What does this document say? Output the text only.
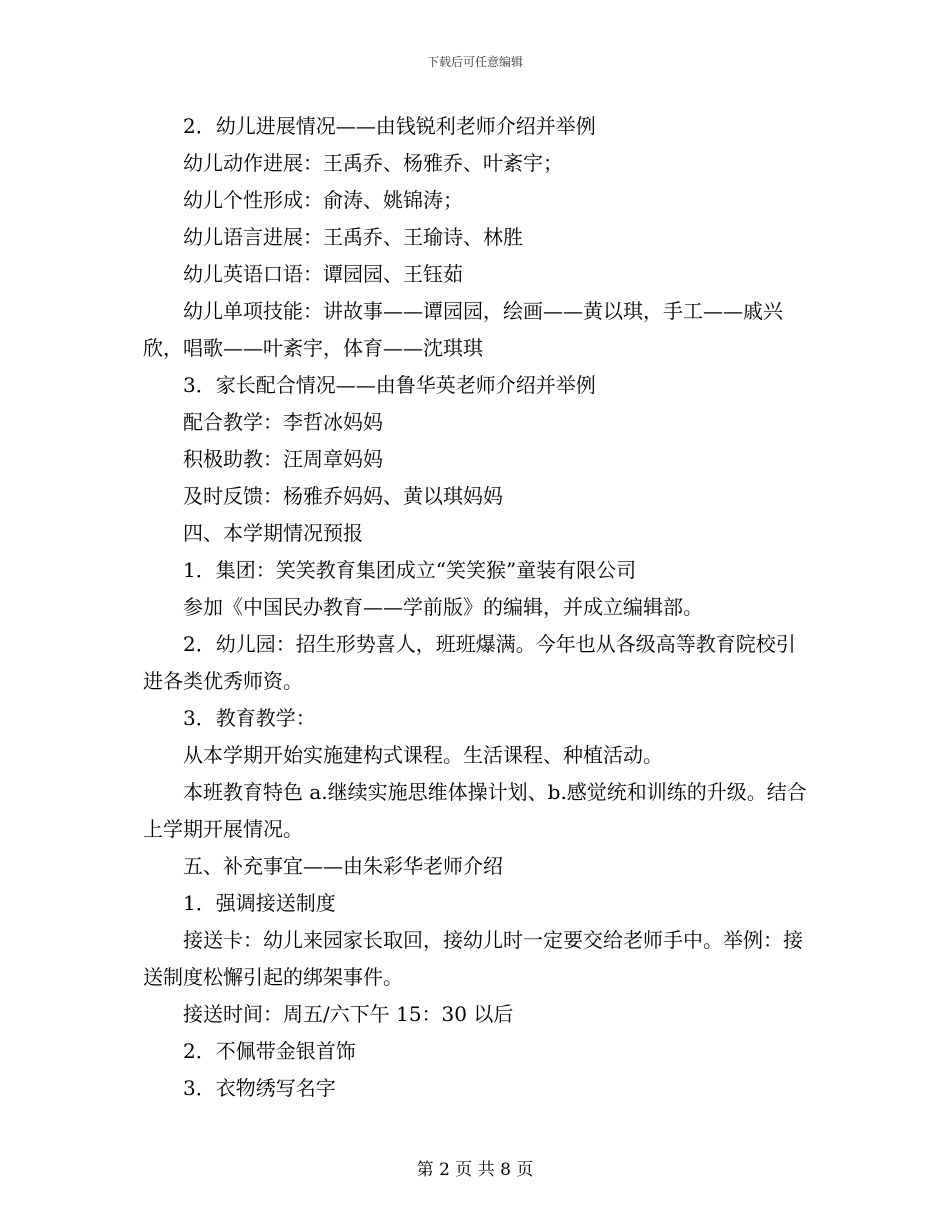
下载后可任意编辑

2．幼儿进展情况——由钱锐利老师介绍并举例

幼儿动作进展：王禹乔、杨雅乔、叶紊宇；

幼儿个性形成：俞涛、姚锦涛；

幼儿语言进展：王禹乔、王瑜诗、林胜

幼儿英语口语：谭园园、王钰茹

幼儿单项技能：讲故事——谭园园，绘画——黄以琪，手工——戚兴欣，唱歌——叶紊宇，体育——沈琪琪

3．家长配合情况——由鲁华英老师介绍并举例

配合教学：李哲冰妈妈

积极助教：汪周章妈妈

及时反馈：杨雅乔妈妈、黄以琪妈妈

四、本学期情况预报

1．集团：笑笑教育集团成立“笑笑猴”童装有限公司

参加《中国民办教育——学前版》的编辑，并成立编辑部。

2．幼儿园：招生形势喜人，班班爆满。今年也从各级高等教育院校引进各类优秀师资。

3．教育教学：

从本学期开始实施建构式课程。生活课程、种植活动。

本班教育特色 a.继续实施思维体操计划、b.感觉统和训练的升级。结合上学期开展情况。

五、补充事宜——由朱彩华老师介绍

1．强调接送制度

接送卡：幼儿来园家长取回，接幼儿时一定要交给老师手中。举例：接送制度松懈引起的绑架事件。

接送时间：周五/六下午 15：30 以后

2．不佩带金银首饰

3．衣物绣写名字

第 2 页 共 8 页
